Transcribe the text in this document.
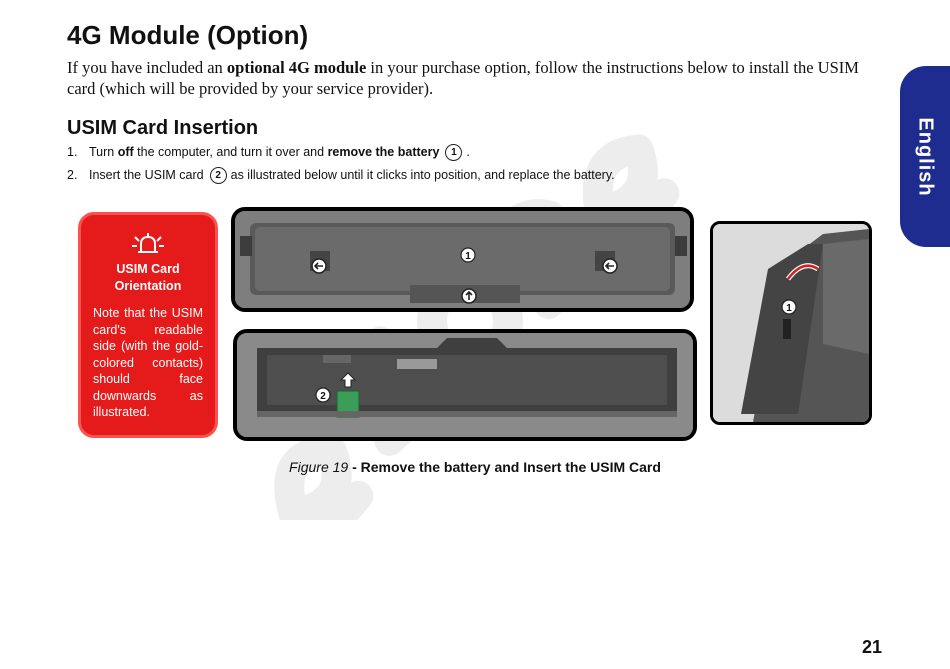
4G Module (Option)

If you have included an optional 4G module in your purchase option, follow the instructions below to install the USIM card (which will be provided by your service provider).

USIM Card Insertion
1. Turn off the computer, and turn it over and remove the battery 1 .
2. Insert the USIM card 2 as illustrated below until it clicks into position, and replace the battery.	English
USIM Card
Orientation
Note that the USIM card's readable side (with the gold-colored contacts) should face downwards as illustrated.
1
2
1
Figure 19 - Remove the battery and Insert the USIM Card
21
